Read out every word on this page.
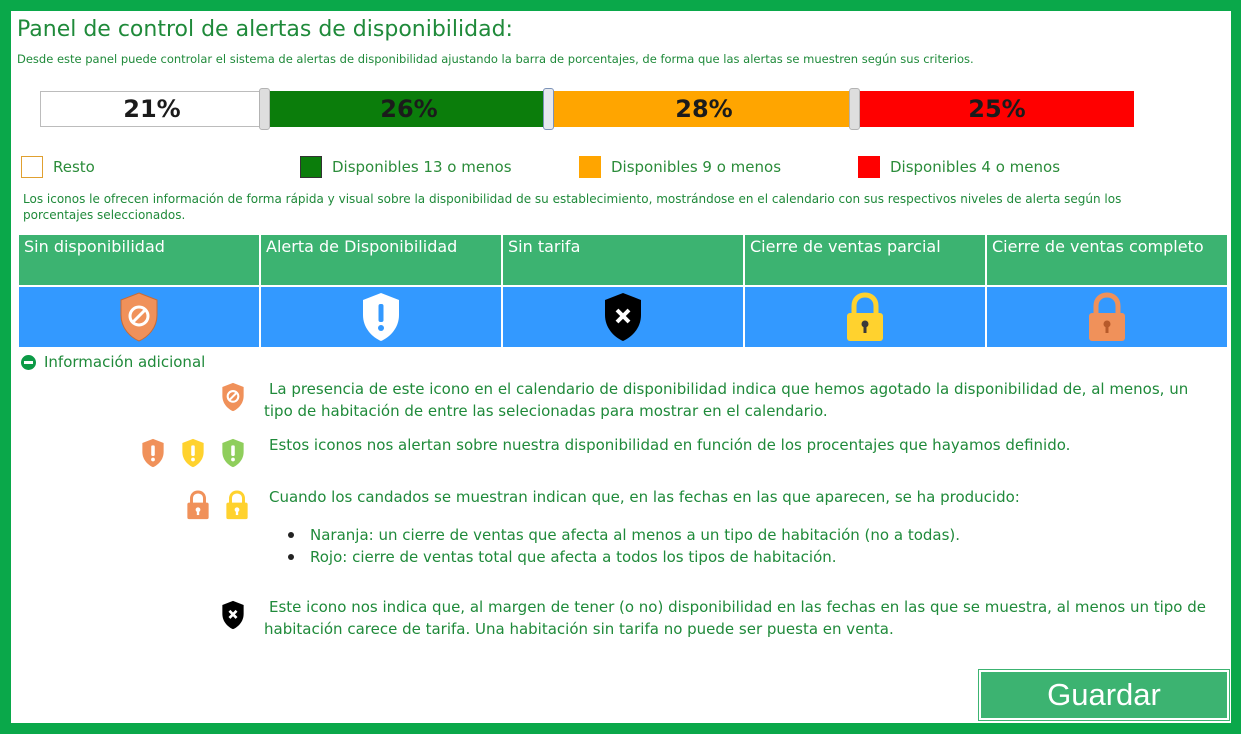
Panel de control de alertas de disponibilidad:
Desde este panel puede controlar el sistema de alertas de disponibilidad ajustando la barra de porcentajes, de forma que las alertas se muestren según sus criterios.
21%	26%	28%	25%
Resto	Disponibles 13 o menos	Disponibles 9 o menos	Disponibles 4 o menos
Los iconos le ofrecen información de forma rápida y visual sobre la disponibilidad de su establecimiento, mostrándose en el calendario con sus respectivos niveles de alerta según los porcentajes seleccionados.
Sin disponibilidad	Alerta de Disponibilidad	Sin tarifa	Cierre de ventas parcial	Cierre de ventas completo
Información adicional
La presencia de este icono en el calendario de disponibilidad indica que hemos agotado la disponibilidad de, al menos, un tipo de habitación de entre las selecionadas para mostrar en el calendario.
Estos iconos nos alertan sobre nuestra disponibilidad en función de los procentajes que hayamos definido.
Cuando los candados se muestran indican que, en las fechas en las que aparecen, se ha producido:
Naranja: un cierre de ventas que afecta al menos a un tipo de habitación (no a todas).
Rojo: cierre de ventas total que afecta a todos los tipos de habitación.
Este icono nos indica que, al margen de tener (o no) disponibilidad en las fechas en las que se muestra, al menos un tipo de habitación carece de tarifa. Una habitación sin tarifa no puede ser puesta en venta.
Guardar
